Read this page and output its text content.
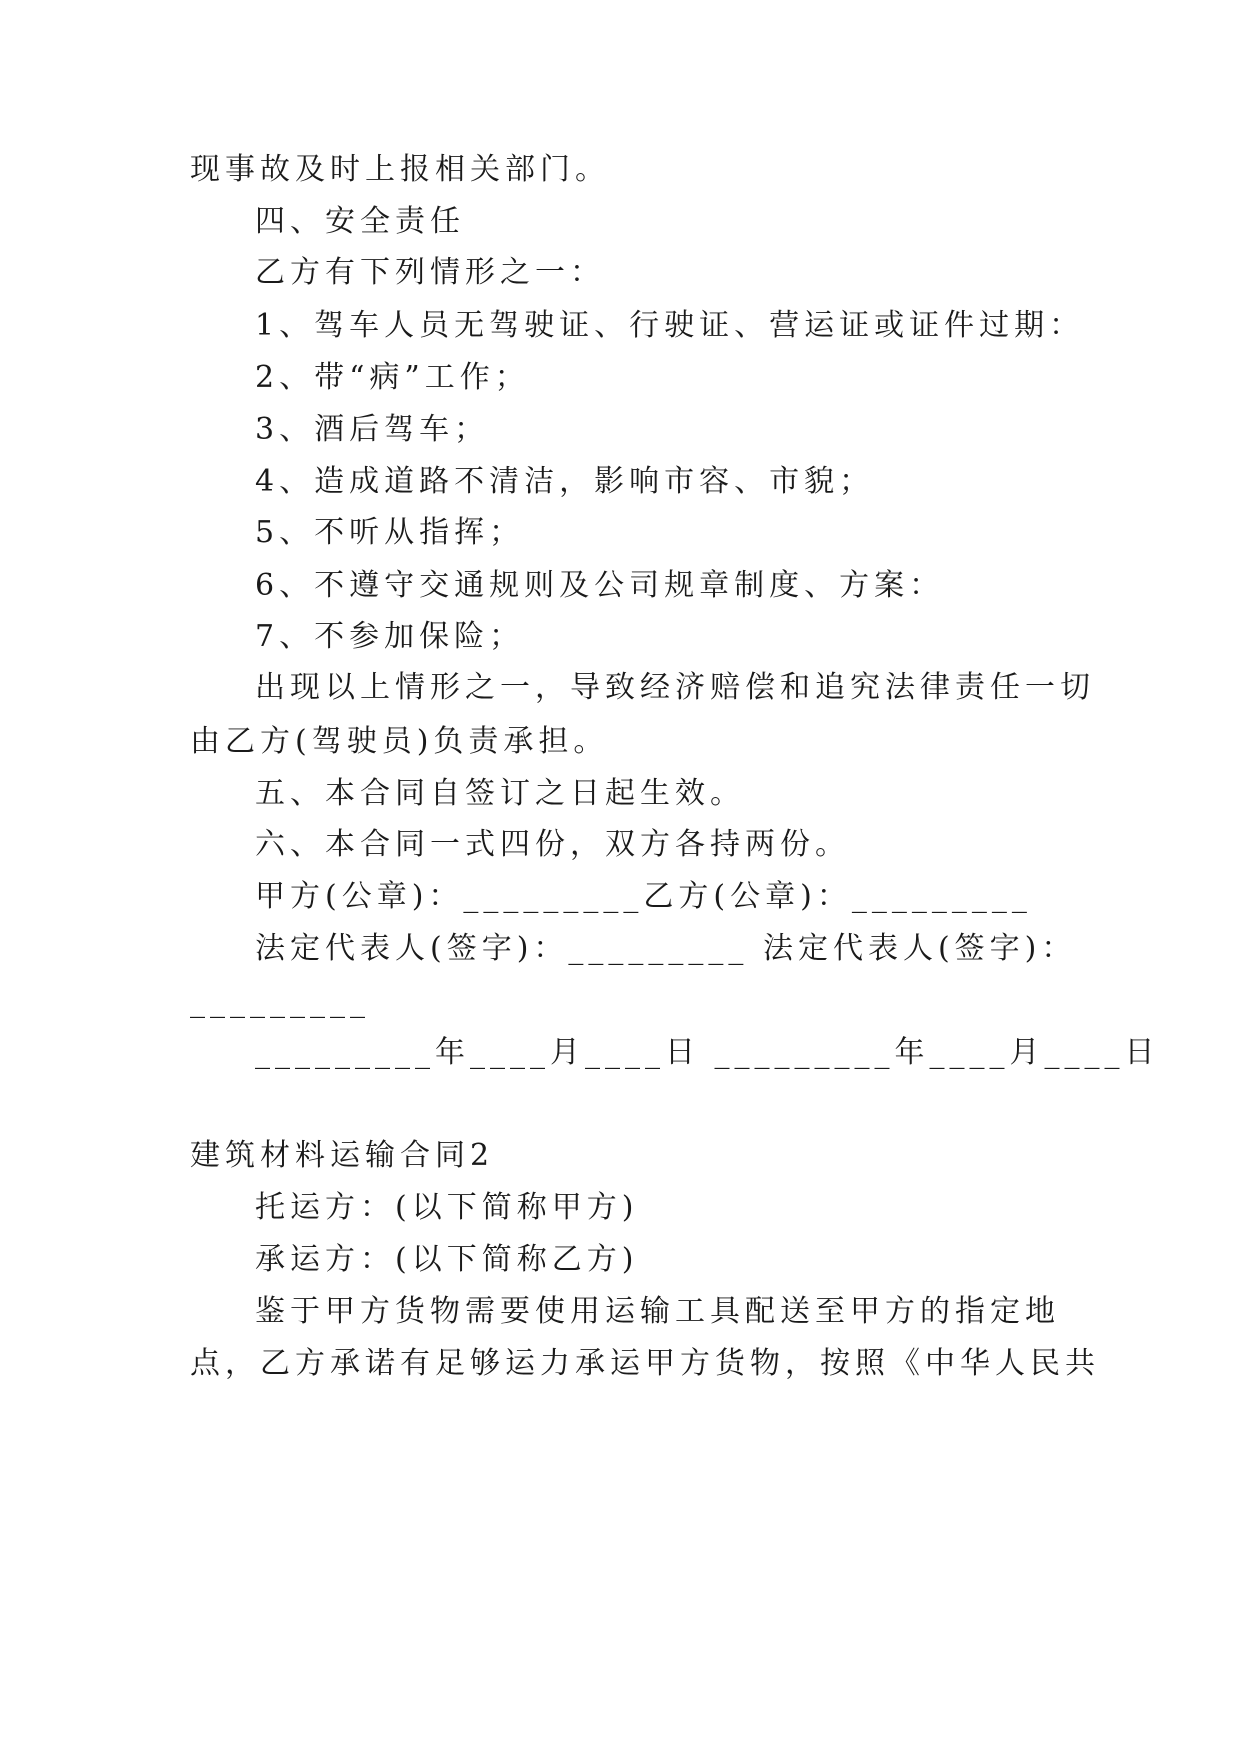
现事故及时上报相关部门。
四、安全责任
乙方有下列情形之一：
1、驾车人员无驾驶证、行驶证、营运证或证件过期：
2、带“病”工作；
3、酒后驾车；
4、造成道路不清洁，影响市容、市貌；
5、不听从指挥；
6、不遵守交通规则及公司规章制度、方案：
7、不参加保险；
出现以上情形之一，导致经济赔偿和追究法律责任一切
由乙方(驾驶员)负责承担。
五、本合同自签订之日起生效。
六、本合同一式四份，双方各持两份。
甲方(公章)：_________乙方(公章)：_________
法定代表人(签字)：_________ 法定代表人(签字)：
_________
_________年____月____日 _________年____月____日
建筑材料运输合同2
托运方：(以下简称甲方)
承运方：(以下简称乙方)
鉴于甲方货物需要使用运输工具配送至甲方的指定地
点，乙方承诺有足够运力承运甲方货物，按照《中华人民共
